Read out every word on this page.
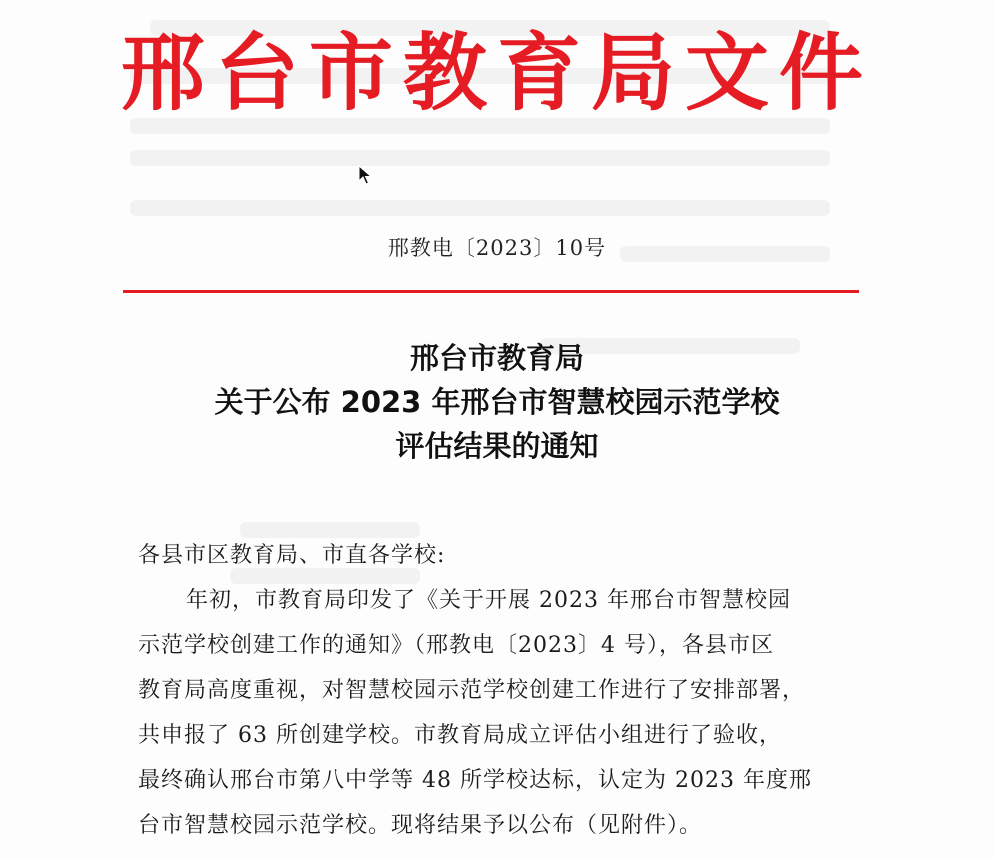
邢台市教育局文件
邢教电〔2023〕10号
邢台市教育局
关于公布 2023 年邢台市智慧校园示范学校
评估结果的通知
各县市区教育局、市直各学校:
年初，市教育局印发了《关于开展 2023 年邢台市智慧校园
示范学校创建工作的通知》（邢教电〔2023〕4 号），各县市区
教育局高度重视，对智慧校园示范学校创建工作进行了安排部署，
共申报了 63 所创建学校。市教育局成立评估小组进行了验收，
最终确认邢台市第八中学等 48 所学校达标，认定为 2023 年度邢
台市智慧校园示范学校。现将结果予以公布（见附件）。
